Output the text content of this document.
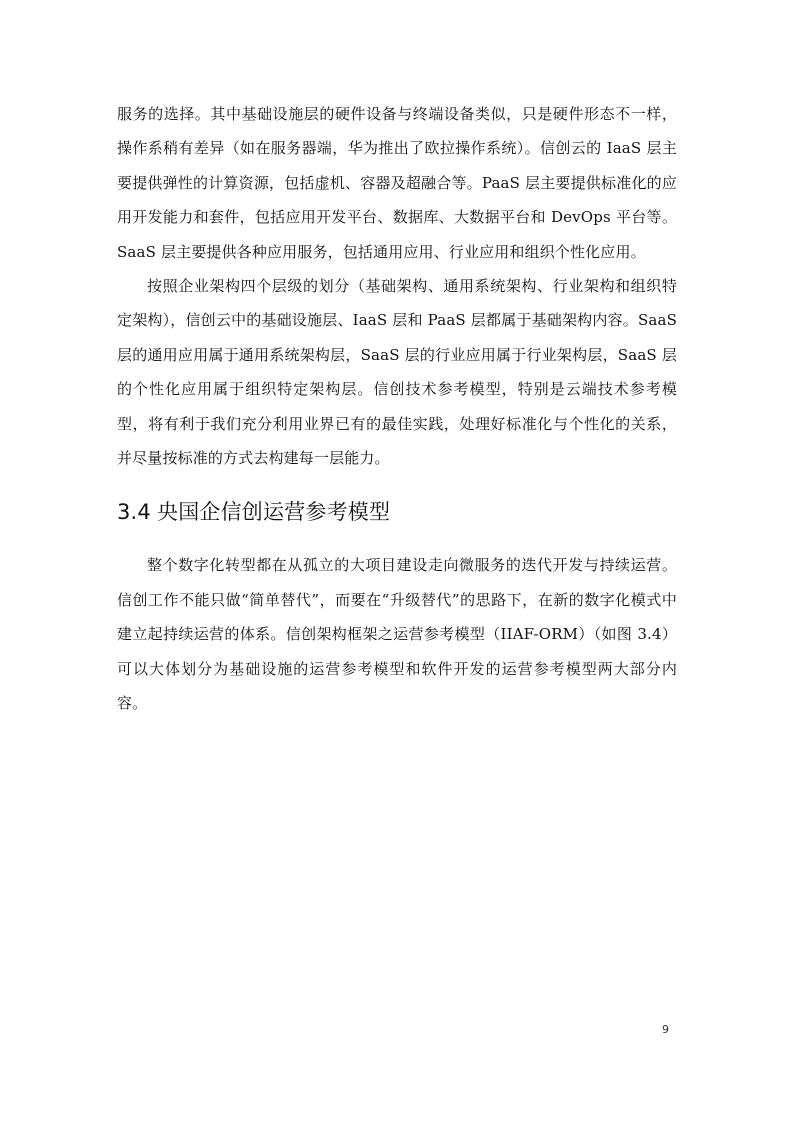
服务的选择。其中基础设施层的硬件设备与终端设备类似，只是硬件形态不一样，操作系稍有差异（如在服务器端，华为推出了欧拉操作系统）。信创云的 IaaS 层主要提供弹性的计算资源，包括虚机、容器及超融合等。PaaS 层主要提供标准化的应用开发能力和套件，包括应用开发平台、数据库、大数据平台和 DevOps 平台等。SaaS 层主要提供各种应用服务，包括通用应用、行业应用和组织个性化应用。

按照企业架构四个层级的划分（基础架构、通用系统架构、行业架构和组织特定架构），信创云中的基础设施层、IaaS 层和 PaaS 层都属于基础架构内容。SaaS 层的通用应用属于通用系统架构层，SaaS 层的行业应用属于行业架构层，SaaS 层的个性化应用属于组织特定架构层。信创技术参考模型，特别是云端技术参考模型，将有利于我们充分利用业界已有的最佳实践，处理好标准化与个性化的关系，并尽量按标准的方式去构建每一层能力。

3.4 央国企信创运营参考模型

整个数字化转型都在从孤立的大项目建设走向微服务的迭代开发与持续运营。信创工作不能只做“简单替代”，而要在“升级替代”的思路下，在新的数字化模式中建立起持续运营的体系。信创架构框架之运营参考模型（IIAF-ORM）（如图 3.4）可以大体划分为基础设施的运营参考模型和软件开发的运营参考模型两大部分内容。

9
